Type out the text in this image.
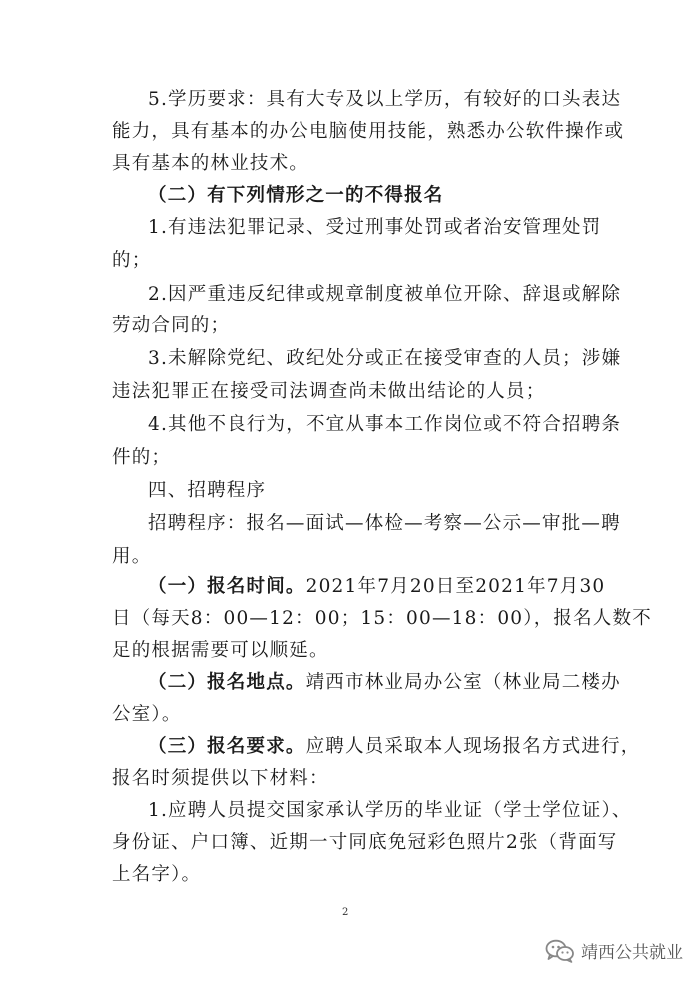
5.学历要求：具有大专及以上学历，有较好的口头表达
能力，具有基本的办公电脑使用技能，熟悉办公软件操作或
具有基本的林业技术。
（二）有下列情形之一的不得报名
1.有违法犯罪记录、受过刑事处罚或者治安管理处罚
的；
2.因严重违反纪律或规章制度被单位开除、辞退或解除
劳动合同的；
3.未解除党纪、政纪处分或正在接受审查的人员；涉嫌
违法犯罪正在接受司法调查尚未做出结论的人员；
4.其他不良行为，不宜从事本工作岗位或不符合招聘条
件的；
四、招聘程序
招聘程序：报名—面试—体检—考察—公示—审批—聘
用。
（一）报名时间。2021年7月20日至2021年7月30
日（每天8：00—12：00；15：00—18：00），报名人数不
足的根据需要可以顺延。
（二）报名地点。靖西市林业局办公室（林业局二楼办
公室）。
（三）报名要求。应聘人员采取本人现场报名方式进行，
报名时须提供以下材料：
1.应聘人员提交国家承认学历的毕业证（学士学位证）、
身份证、户口簿、近期一寸同底免冠彩色照片2张（背面写
上名字）。
2
靖西公共就业
